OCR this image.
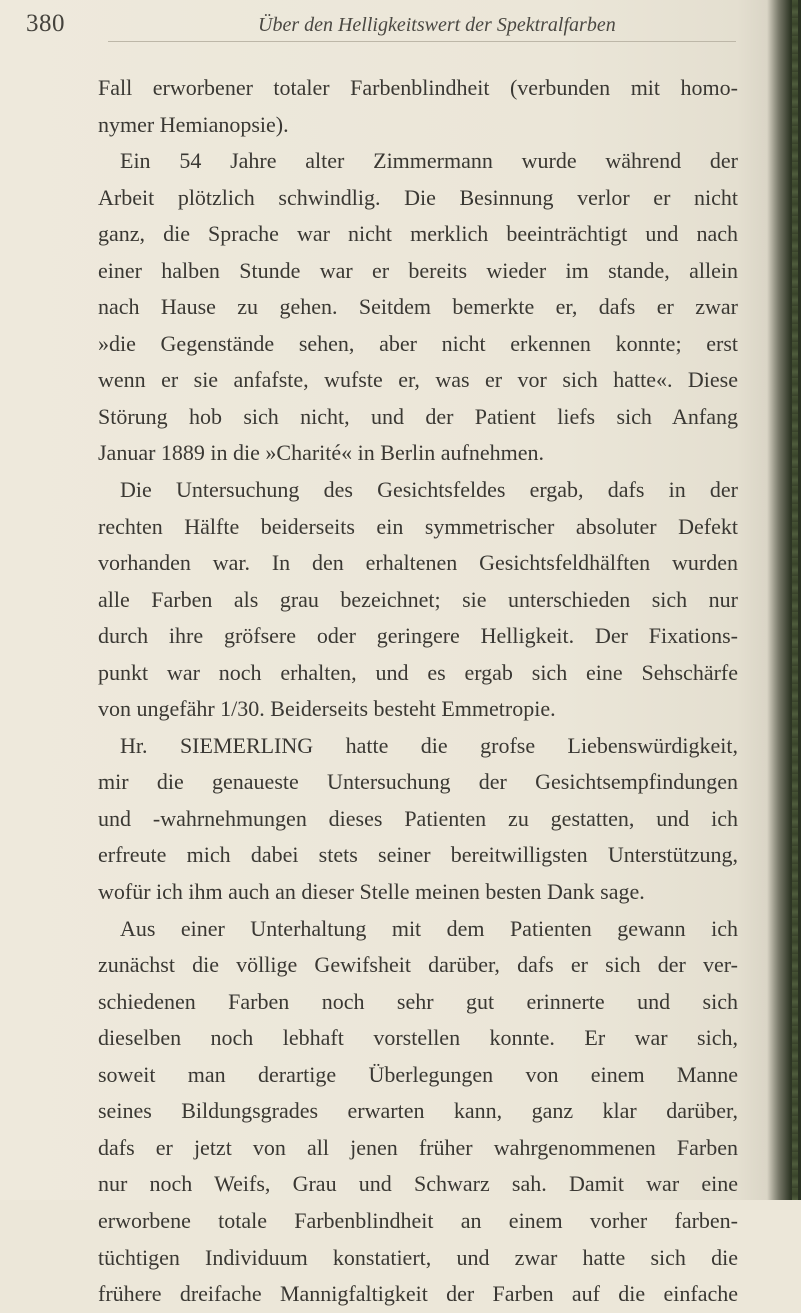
380	Über den Helligkeitswert der Spektralfarben
Fall erworbener totaler Farbenblindheit (verbunden mit homo-
nymer Hemianopsie).
Ein 54 Jahre alter Zimmermann wurde während der
Arbeit plötzlich schwindlig. Die Besinnung verlor er nicht
ganz, die Sprache war nicht merklich beeinträchtigt und nach
einer halben Stunde war er bereits wieder im stande, allein
nach Hause zu gehen. Seitdem bemerkte er, dafs er zwar
»die Gegenstände sehen, aber nicht erkennen konnte; erst
wenn er sie anfafste, wufste er, was er vor sich hatte«. Diese
Störung hob sich nicht, und der Patient liefs sich Anfang
Januar 1889 in die »Charité« in Berlin aufnehmen.
Die Untersuchung des Gesichtsfeldes ergab, dafs in der
rechten Hälfte beiderseits ein symmetrischer absoluter Defekt
vorhanden war. In den erhaltenen Gesichtsfeldhälften wurden
alle Farben als grau bezeichnet; sie unterschieden sich nur
durch ihre gröfsere oder geringere Helligkeit. Der Fixations-
punkt war noch erhalten, und es ergab sich eine Sehschärfe
von ungefähr 1/30. Beiderseits besteht Emmetropie.
Hr. SIEMERLING hatte die grofse Liebenswürdigkeit,
mir die genaueste Untersuchung der Gesichtsempfindungen
und -wahrnehmungen dieses Patienten zu gestatten, und ich
erfreute mich dabei stets seiner bereitwilligsten Unterstützung,
wofür ich ihm auch an dieser Stelle meinen besten Dank sage.
Aus einer Unterhaltung mit dem Patienten gewann ich
zunächst die völlige Gewifsheit darüber, dafs er sich der ver-
schiedenen Farben noch sehr gut erinnerte und sich
dieselben noch lebhaft vorstellen konnte. Er war sich,
soweit man derartige Überlegungen von einem Manne
seines Bildungsgrades erwarten kann, ganz klar darüber,
dafs er jetzt von all jenen früher wahrgenommenen Farben
nur noch Weifs, Grau und Schwarz sah. Damit war eine
erworbene totale Farbenblindheit an einem vorher farben-
tüchtigen Individuum konstatiert, und zwar hatte sich die
frühere dreifache Mannigfaltigkeit der Farben auf die einfache
